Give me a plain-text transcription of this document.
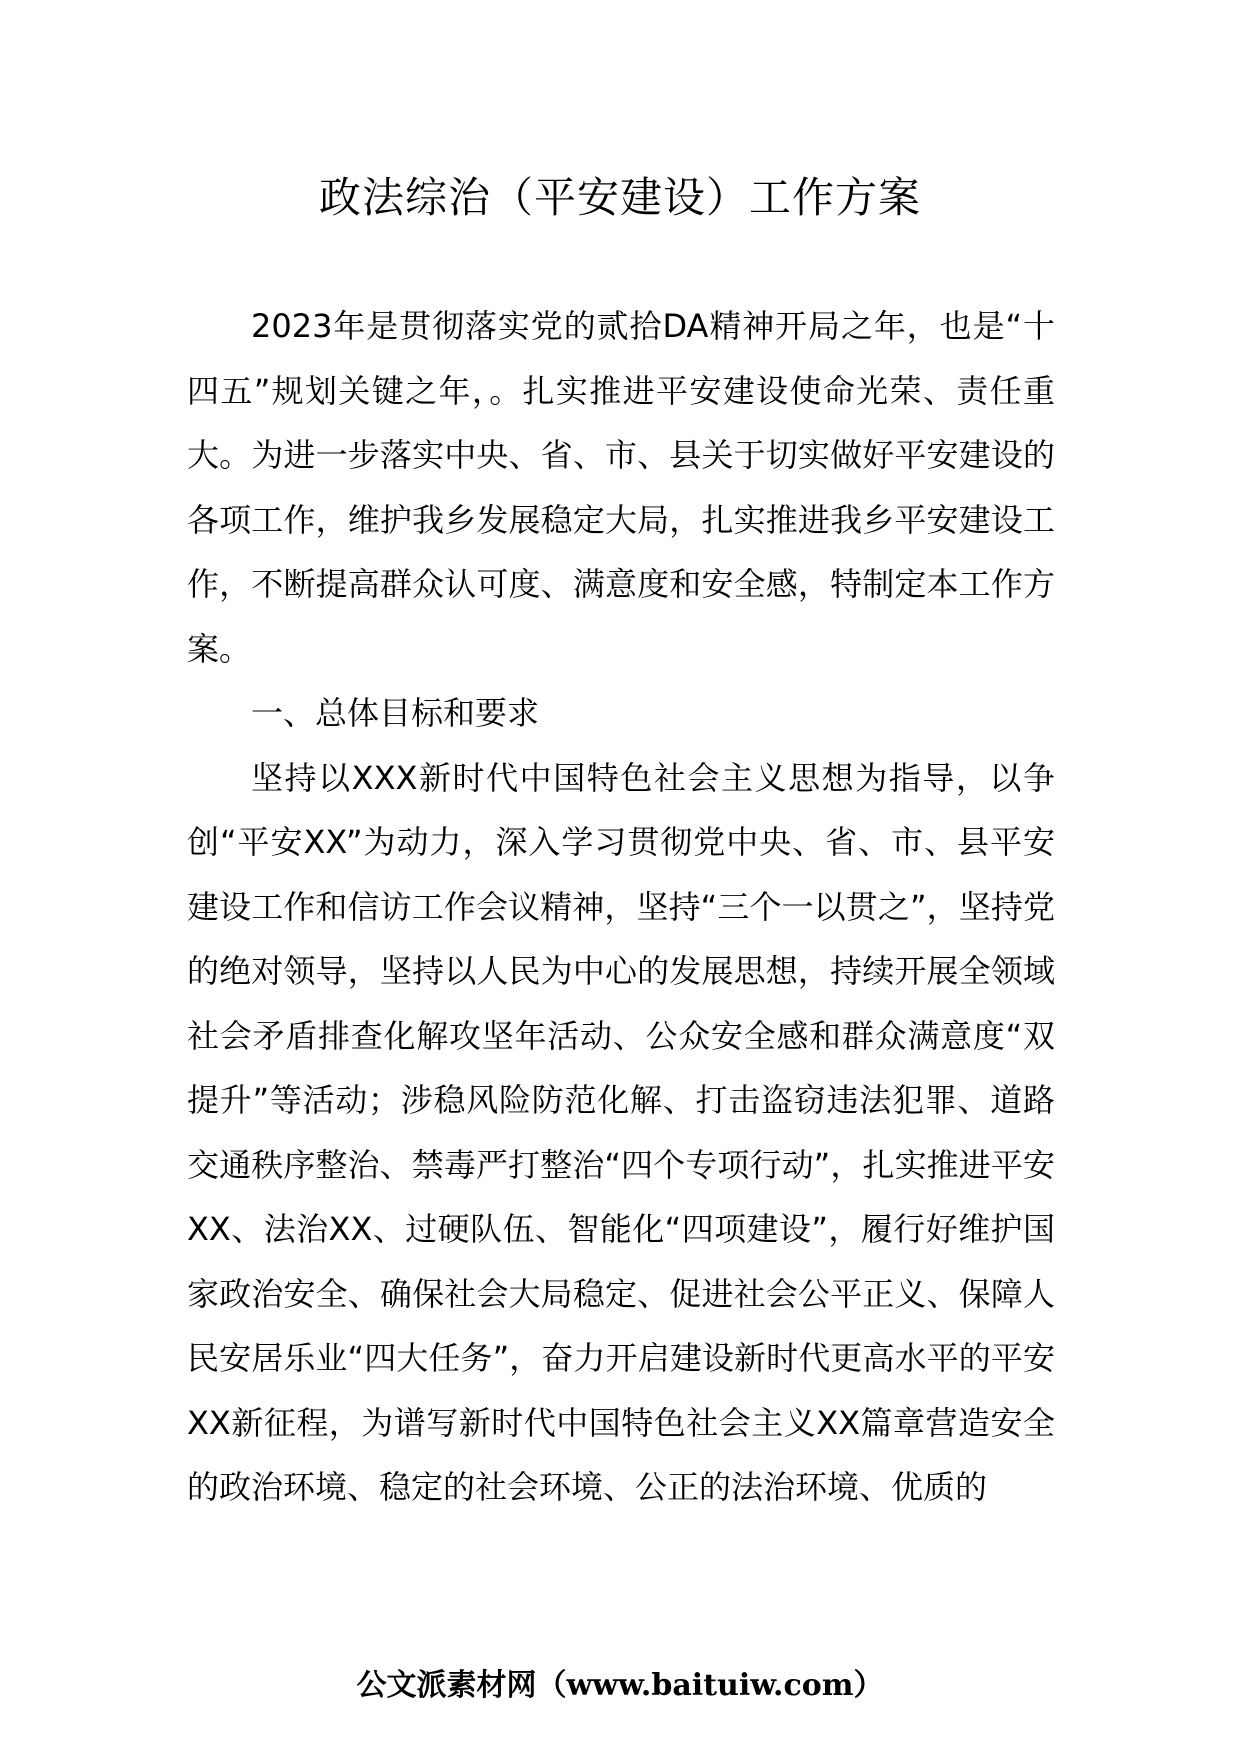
政法综治（平安建设）工作方案

2023年是贯彻落实党的贰拾DA精神开局之年，也是“十四五”规划关键之年，。扎实推进平安建设使命光荣、责任重大。为进一步落实中央、省、市、县关于切实做好平安建设的各项工作，维护我乡发展稳定大局，扎实推进我乡平安建设工作，不断提高群众认可度、满意度和安全感，特制定本工作方案。

一、总体目标和要求

坚持以XXX新时代中国特色社会主义思想为指导，以争创“平安XX”为动力，深入学习贯彻党中央、省、市、县平安建设工作和信访工作会议精神，坚持“三个一以贯之”，坚持党的绝对领导，坚持以人民为中心的发展思想，持续开展全领域社会矛盾排查化解攻坚年活动、公众安全感和群众满意度“双提升”等活动；涉稳风险防范化解、打击盗窃违法犯罪、道路交通秩序整治、禁毒严打整治“四个专项行动”，扎实推进平安XX、法治XX、过硬队伍、智能化“四项建设”，履行好维护国家政治安全、确保社会大局稳定、促进社会公平正义、保障人民安居乐业“四大任务”，奋力开启建设新时代更高水平的平安XX新征程，为谱写新时代中国特色社会主义XX篇章营造安全的政治环境、稳定的社会环境、公正的法治环境、优质的

公文派素材网（www.baituiw.com）
